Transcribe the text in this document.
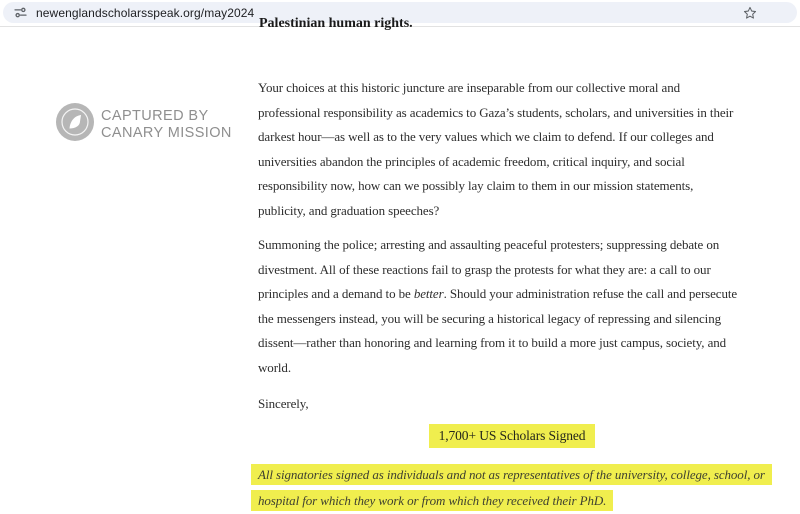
newenglandscholarsspeak.org/may2024
Palestinian human rights.
CAPTURED BY
CANARY MISSION
Your choices at this historic juncture are inseparable from our collective moral and
professional responsibility as academics to Gaza’s students, scholars, and universities in their
darkest hour—as well as to the very values which we claim to defend. If our colleges and
universities abandon the principles of academic freedom, critical inquiry, and social
responsibility now, how can we possibly lay claim to them in our mission statements,
publicity, and graduation speeches?
Summoning the police; arresting and assaulting peaceful protesters; suppressing debate on
divestment. All of these reactions fail to grasp the protests for what they are: a call to our
principles and a demand to be better. Should your administration refuse the call and persecute
the messengers instead, you will be securing a historical legacy of repressing and silencing
dissent—rather than honoring and learning from it to build a more just campus, society, and
world.
Sincerely,
1,700+ US Scholars Signed
All signatories signed as individuals and not as representatives of the university, college, school, or
hospital for which they work or from which they received their PhD.
